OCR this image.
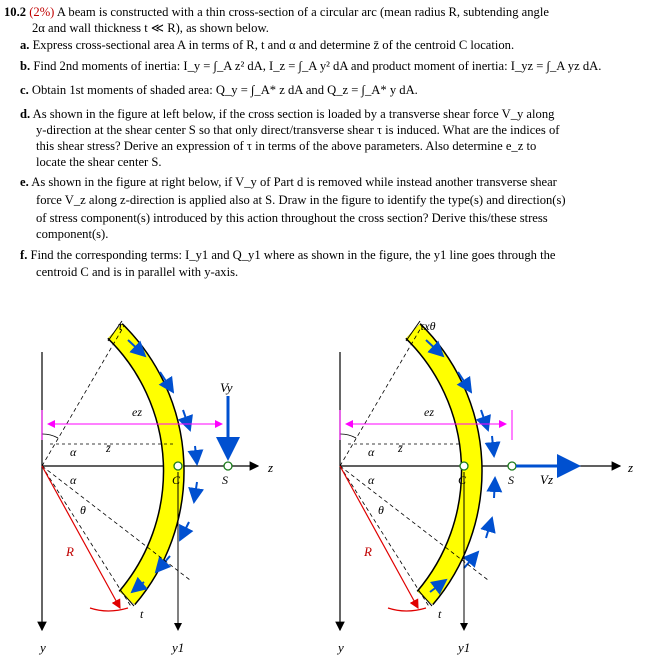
10.2 (2%) A beam is constructed with a thin cross-section of a circular arc (mean radius R, subtending angle
2α and wall thickness t ≪ R), as shown below.
a. Express cross-sectional area A in terms of R, t and α and determine z̄ of the centroid C location.
b. Find 2nd moments of inertia: I_y = ∫_A z² dA, I_z = ∫_A y² dA and product moment of inertia: I_yz = ∫_A yz dA.
c. Obtain 1st moments of shaded area: Q_y = ∫_A* z dA and Q_z = ∫_A* y dA.
d. As shown in the figure at left below, if the cross section is loaded by a transverse shear force V_y along
y-direction at the shear center S so that only direct/transverse shear τ is induced. What are the indices of
this shear stress? Derive an expression of τ in terms of the above parameters. Also determine e_z to
locate the shear center S.
e. As shown in the figure at right below, if V_y of Part d is removed while instead another transverse shear
force V_z along z-direction is applied also at S. Draw in the figure to identify the type(s) and direction(s)
of stress component(s) introduced by this action throughout the cross section? Derive this/these stress
component(s).
f. Find the corresponding terms: I_y1 and Q_y1 where as shown in the figure, the y1 line goes through the
centroid C and is in parallel with y-axis.
y
z
R
t
α
α
θ
ez
z̄
C	S
y1
Vy
τ
y
z
R
t
α
α
θ
ez
z̄
C	S
y1
Vz
τxθ
